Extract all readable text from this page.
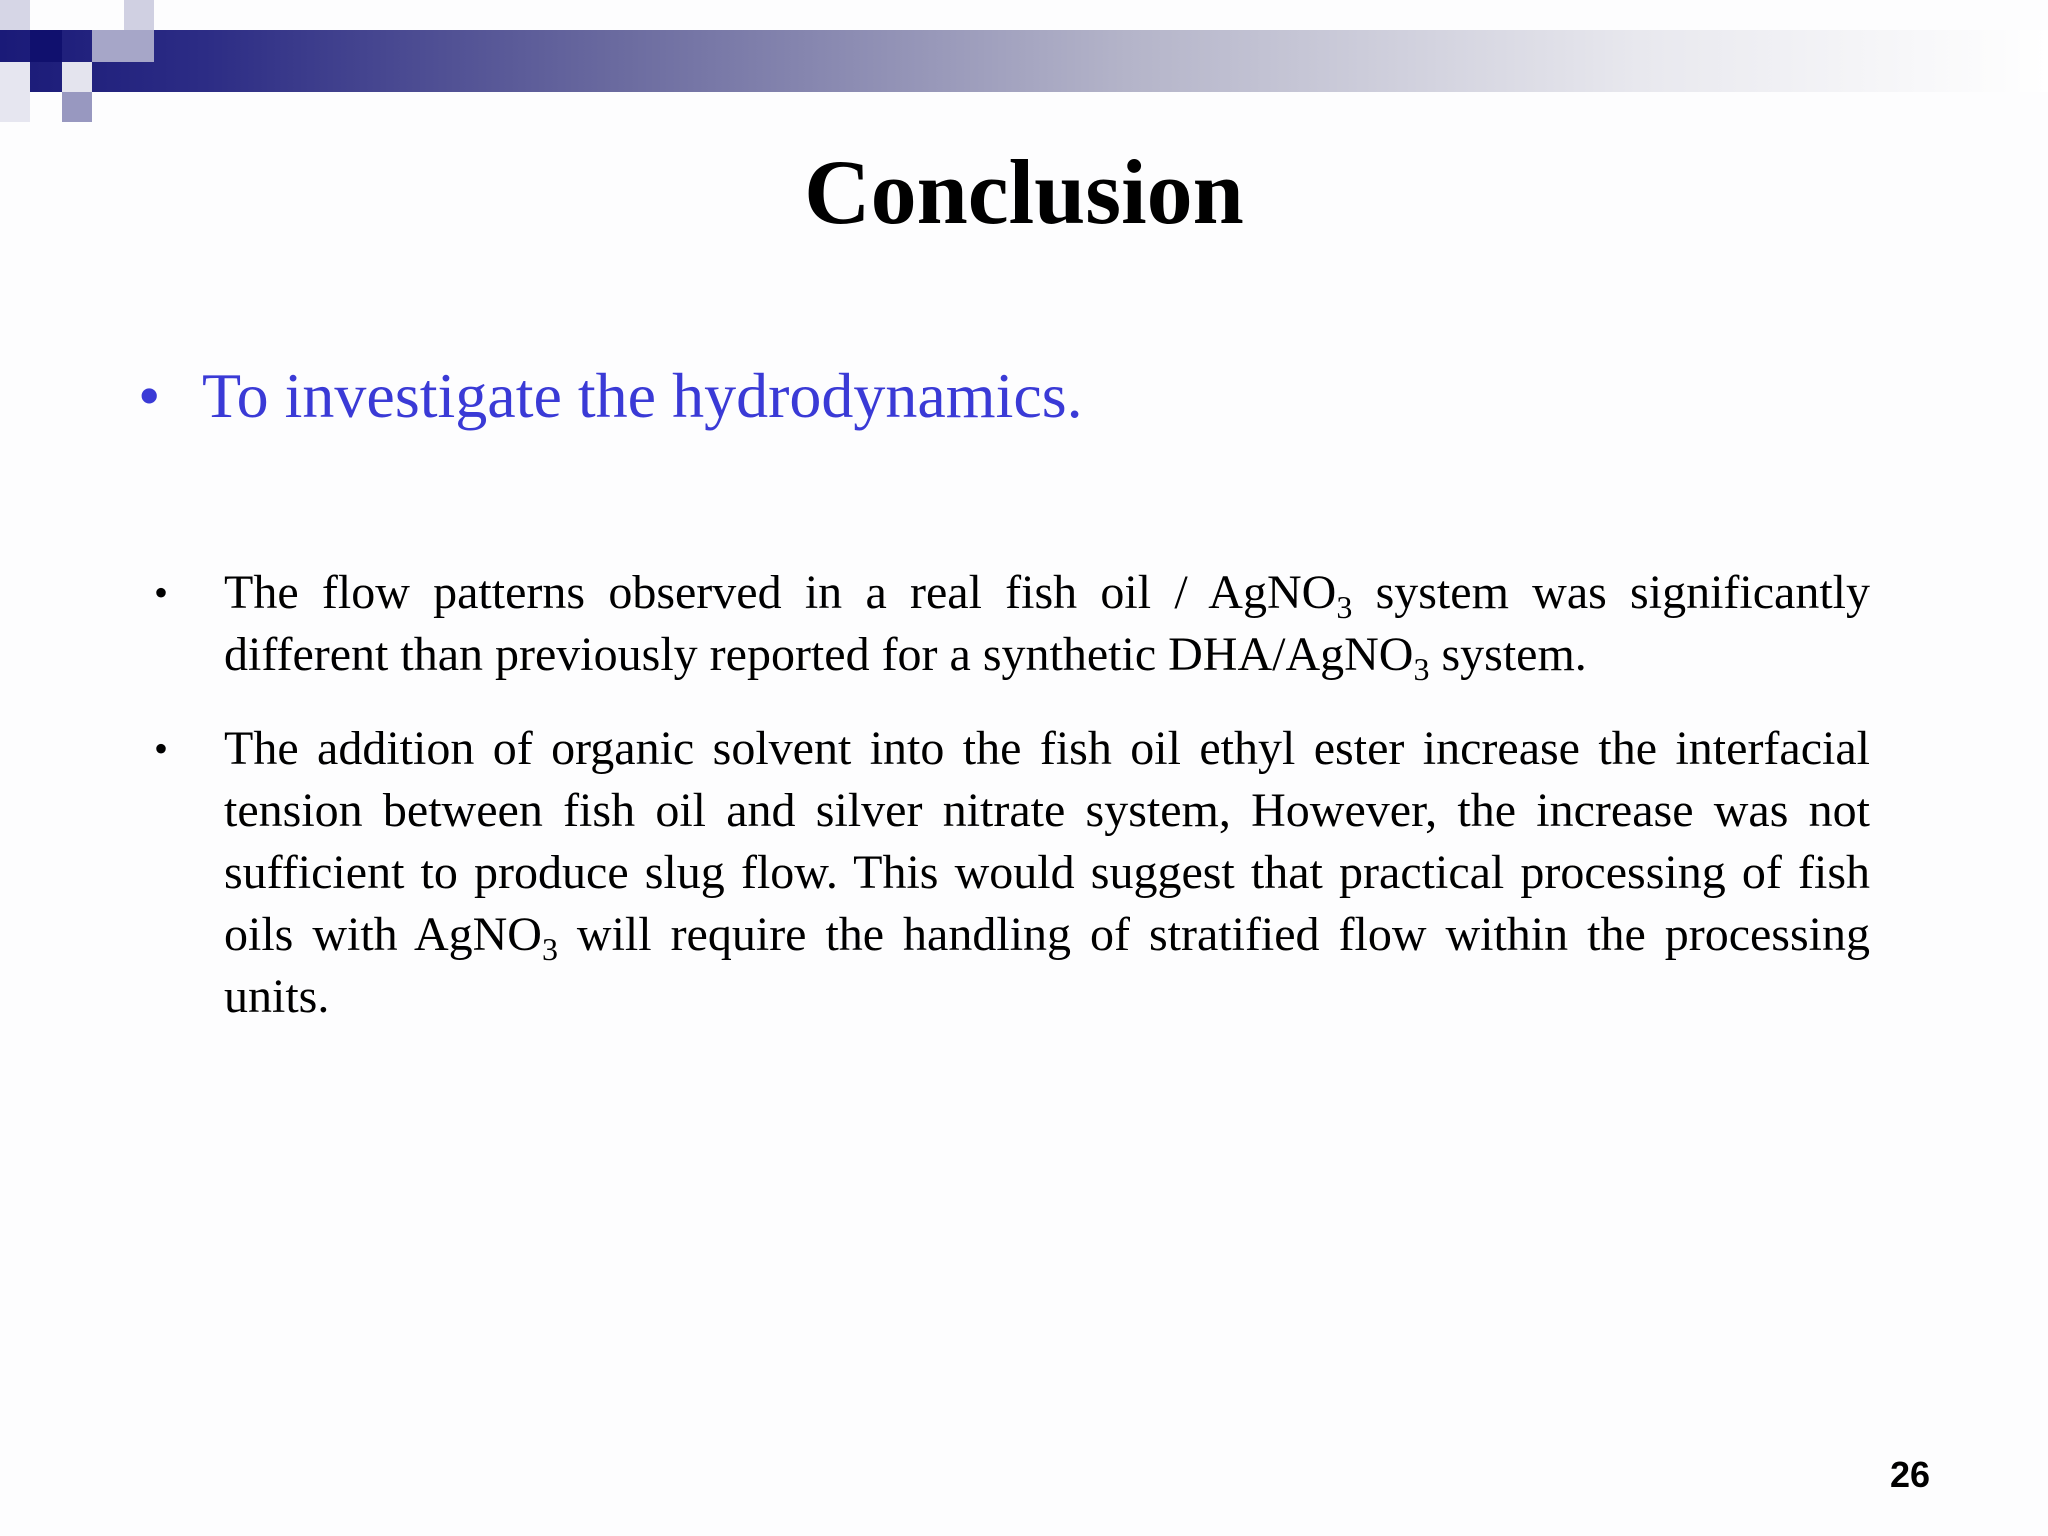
Conclusion
• To investigate the hydrodynamics.
• The flow patterns observed in a real fish oil / AgNO$_3$ system was significantly different than previously reported for a synthetic DHA/AgNO$_3$ system.
• The addition of organic solvent into the fish oil ethyl ester increase the interfacial tension between fish oil and silver nitrate system, However, the increase was not sufficient to produce slug flow. This would suggest that practical processing of fish oils with AgNO$_3$ will require the handling of stratified flow within the processing units.
26
